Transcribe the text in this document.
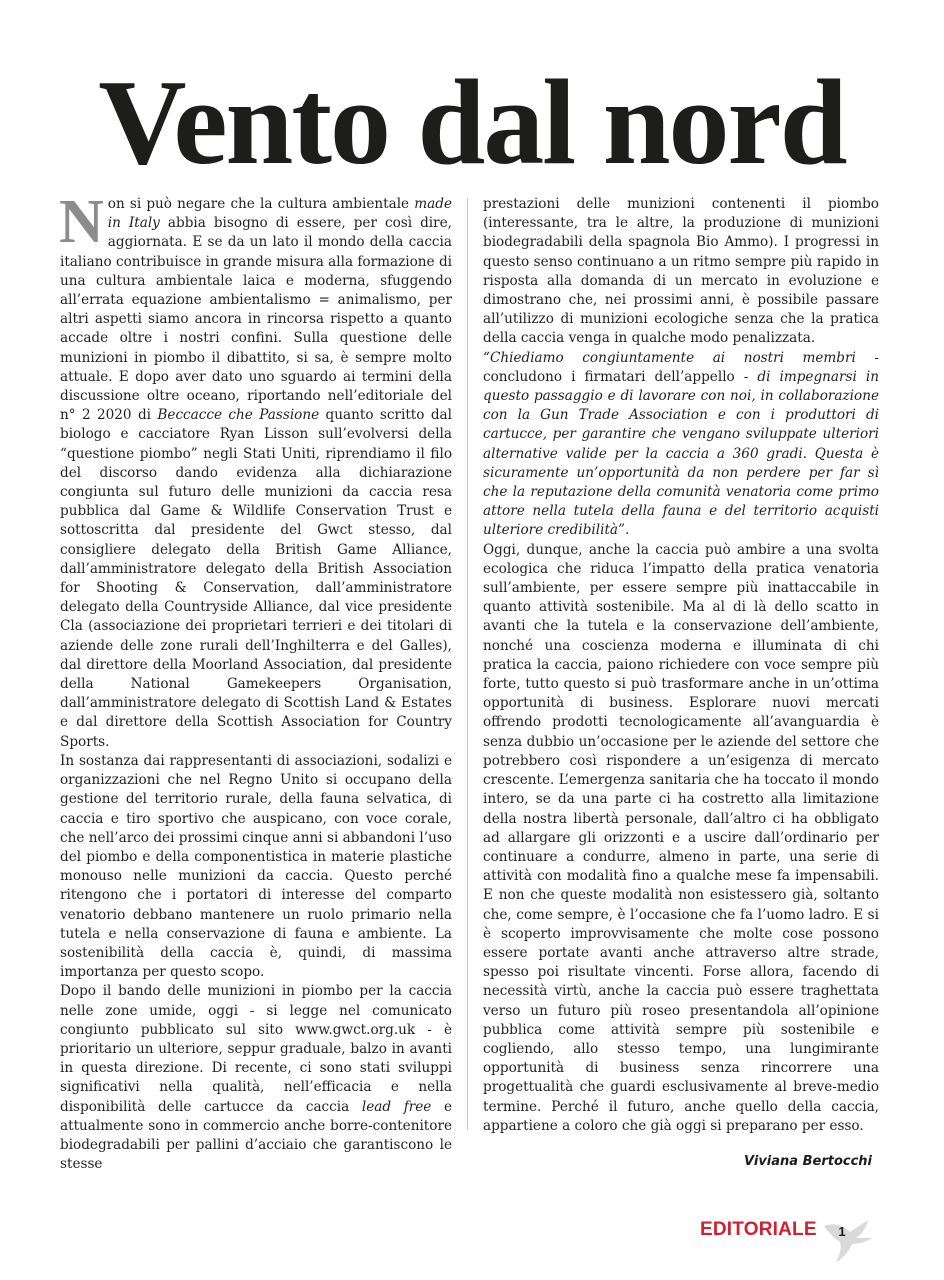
Vento dal nord

Non si può negare che la cultura ambientale made in Italy abbia bisogno di essere, per così dire, aggiornata. E se da un lato il mondo della caccia italiano contribuisce in grande misura alla formazione di una cultura ambientale laica e moderna, sfuggendo all’errata equazione ambientalismo = animalismo, per altri aspetti siamo ancora in rincorsa rispetto a quanto accade oltre i nostri confini. Sulla questione delle munizioni in piombo il dibattito, si sa, è sempre molto attuale. E dopo aver dato uno sguardo ai termini della discussione oltre oceano, riportando nell’editoriale del n° 2 2020 di Beccacce che Passione quanto scritto dal biologo e cacciatore Ryan Lisson sull’evolversi della “questione piombo” negli Stati Uniti, riprendiamo il filo del discorso dando evidenza alla dichiarazione congiunta sul futuro delle munizioni da caccia resa pubblica dal Game & Wildlife Conservation Trust e sottoscritta dal presidente del Gwct stesso, dal consigliere delegato della British Game Alliance, dall’amministratore delegato della British Association for Shooting & Conservation, dall’amministratore delegato della Countryside Alliance, dal vice presidente Cla (associazione dei proprietari terrieri e dei titolari di aziende delle zone rurali dell’Inghilterra e del Galles), dal direttore della Moorland Association, dal presidente della National Gamekeepers Organisation, dall’amministratore delegato di Scottish Land & Estates e dal direttore della Scottish Association for Country Sports.

In sostanza dai rappresentanti di associazioni, sodalizi e organizzazioni che nel Regno Unito si occupano della gestione del territorio rurale, della fauna selvatica, di caccia e tiro sportivo che auspicano, con voce corale, che nell’arco dei prossimi cinque anni si abbandoni l’uso del piombo e della componentistica in materie plastiche monouso nelle munizioni da caccia. Questo perché ritengono che i portatori di interesse del comparto venatorio debbano mantenere un ruolo primario nella tutela e nella conservazione di fauna e ambiente. La sostenibilità della caccia è, quindi, di massima importanza per questo scopo.

Dopo il bando delle munizioni in piombo per la caccia nelle zone umide, oggi - si legge nel comunicato congiunto pubblicato sul sito www.gwct.org.uk - è prioritario un ulteriore, seppur graduale, balzo in avanti in questa direzione. Di recente, ci sono stati sviluppi significativi nella qualità, nell’efficacia e nella disponibilità delle cartucce da caccia lead free e attualmente sono in commercio anche borre-contenitore biodegradabili per pallini d’acciaio che garantiscono le stesse

prestazioni delle munizioni contenenti il piombo (interessante, tra le altre, la produzione di munizioni biodegradabili della spagnola Bio Ammo). I progressi in questo senso continuano a un ritmo sempre più rapido in risposta alla domanda di un mercato in evoluzione e dimostrano che, nei prossimi anni, è possibile passare all’utilizzo di munizioni ecologiche senza che la pratica della caccia venga in qualche modo penalizzata.

“Chiediamo congiuntamente ai nostri membri - concludono i firmatari dell’appello - di impegnarsi in questo passaggio e di lavorare con noi, in collaborazione con la Gun Trade Association e con i produttori di cartucce, per garantire che vengano sviluppate ulteriori alternative valide per la caccia a 360 gradi. Questa è sicuramente un’opportunità da non perdere per far sì che la reputazione della comunità venatoria come primo attore nella tutela della fauna e del territorio acquisti ulteriore credibilità”.

Oggi, dunque, anche la caccia può ambire a una svolta ecologica che riduca l’impatto della pratica venatoria sull’ambiente, per essere sempre più inattaccabile in quanto attività sostenibile. Ma al di là dello scatto in avanti che la tutela e la conservazione dell’ambiente, nonché una coscienza moderna e illuminata di chi pratica la caccia, paiono richiedere con voce sempre più forte, tutto questo si può trasformare anche in un’ottima opportunità di business. Esplorare nuovi mercati offrendo prodotti tecnologicamente all’avanguardia è senza dubbio un’occasione per le aziende del settore che potrebbero così rispondere a un’esigenza di mercato crescente. L’emergenza sanitaria che ha toccato il mondo intero, se da una parte ci ha costretto alla limitazione della nostra libertà personale, dall’altro ci ha obbligato ad allargare gli orizzonti e a uscire dall’ordinario per continuare a condurre, almeno in parte, una serie di attività con modalità fino a qualche mese fa impensabili. E non che queste modalità non esistessero già, soltanto che, come sempre, è l’occasione che fa l’uomo ladro. E si è scoperto improvvisamente che molte cose possono essere portate avanti anche attraverso altre strade, spesso poi risultate vincenti. Forse allora, facendo di necessità virtù, anche la caccia può essere traghettata verso un futuro più roseo presentandola all’opinione pubblica come attività sempre più sostenibile e cogliendo, allo stesso tempo, una lungimirante opportunità di business senza rincorrere una progettualità che guardi esclusivamente al breve-medio termine. Perché il futuro, anche quello della caccia, appartiene a coloro che già oggi si preparano per esso.

Viviana Bertocchi
EDITORIALE 1
